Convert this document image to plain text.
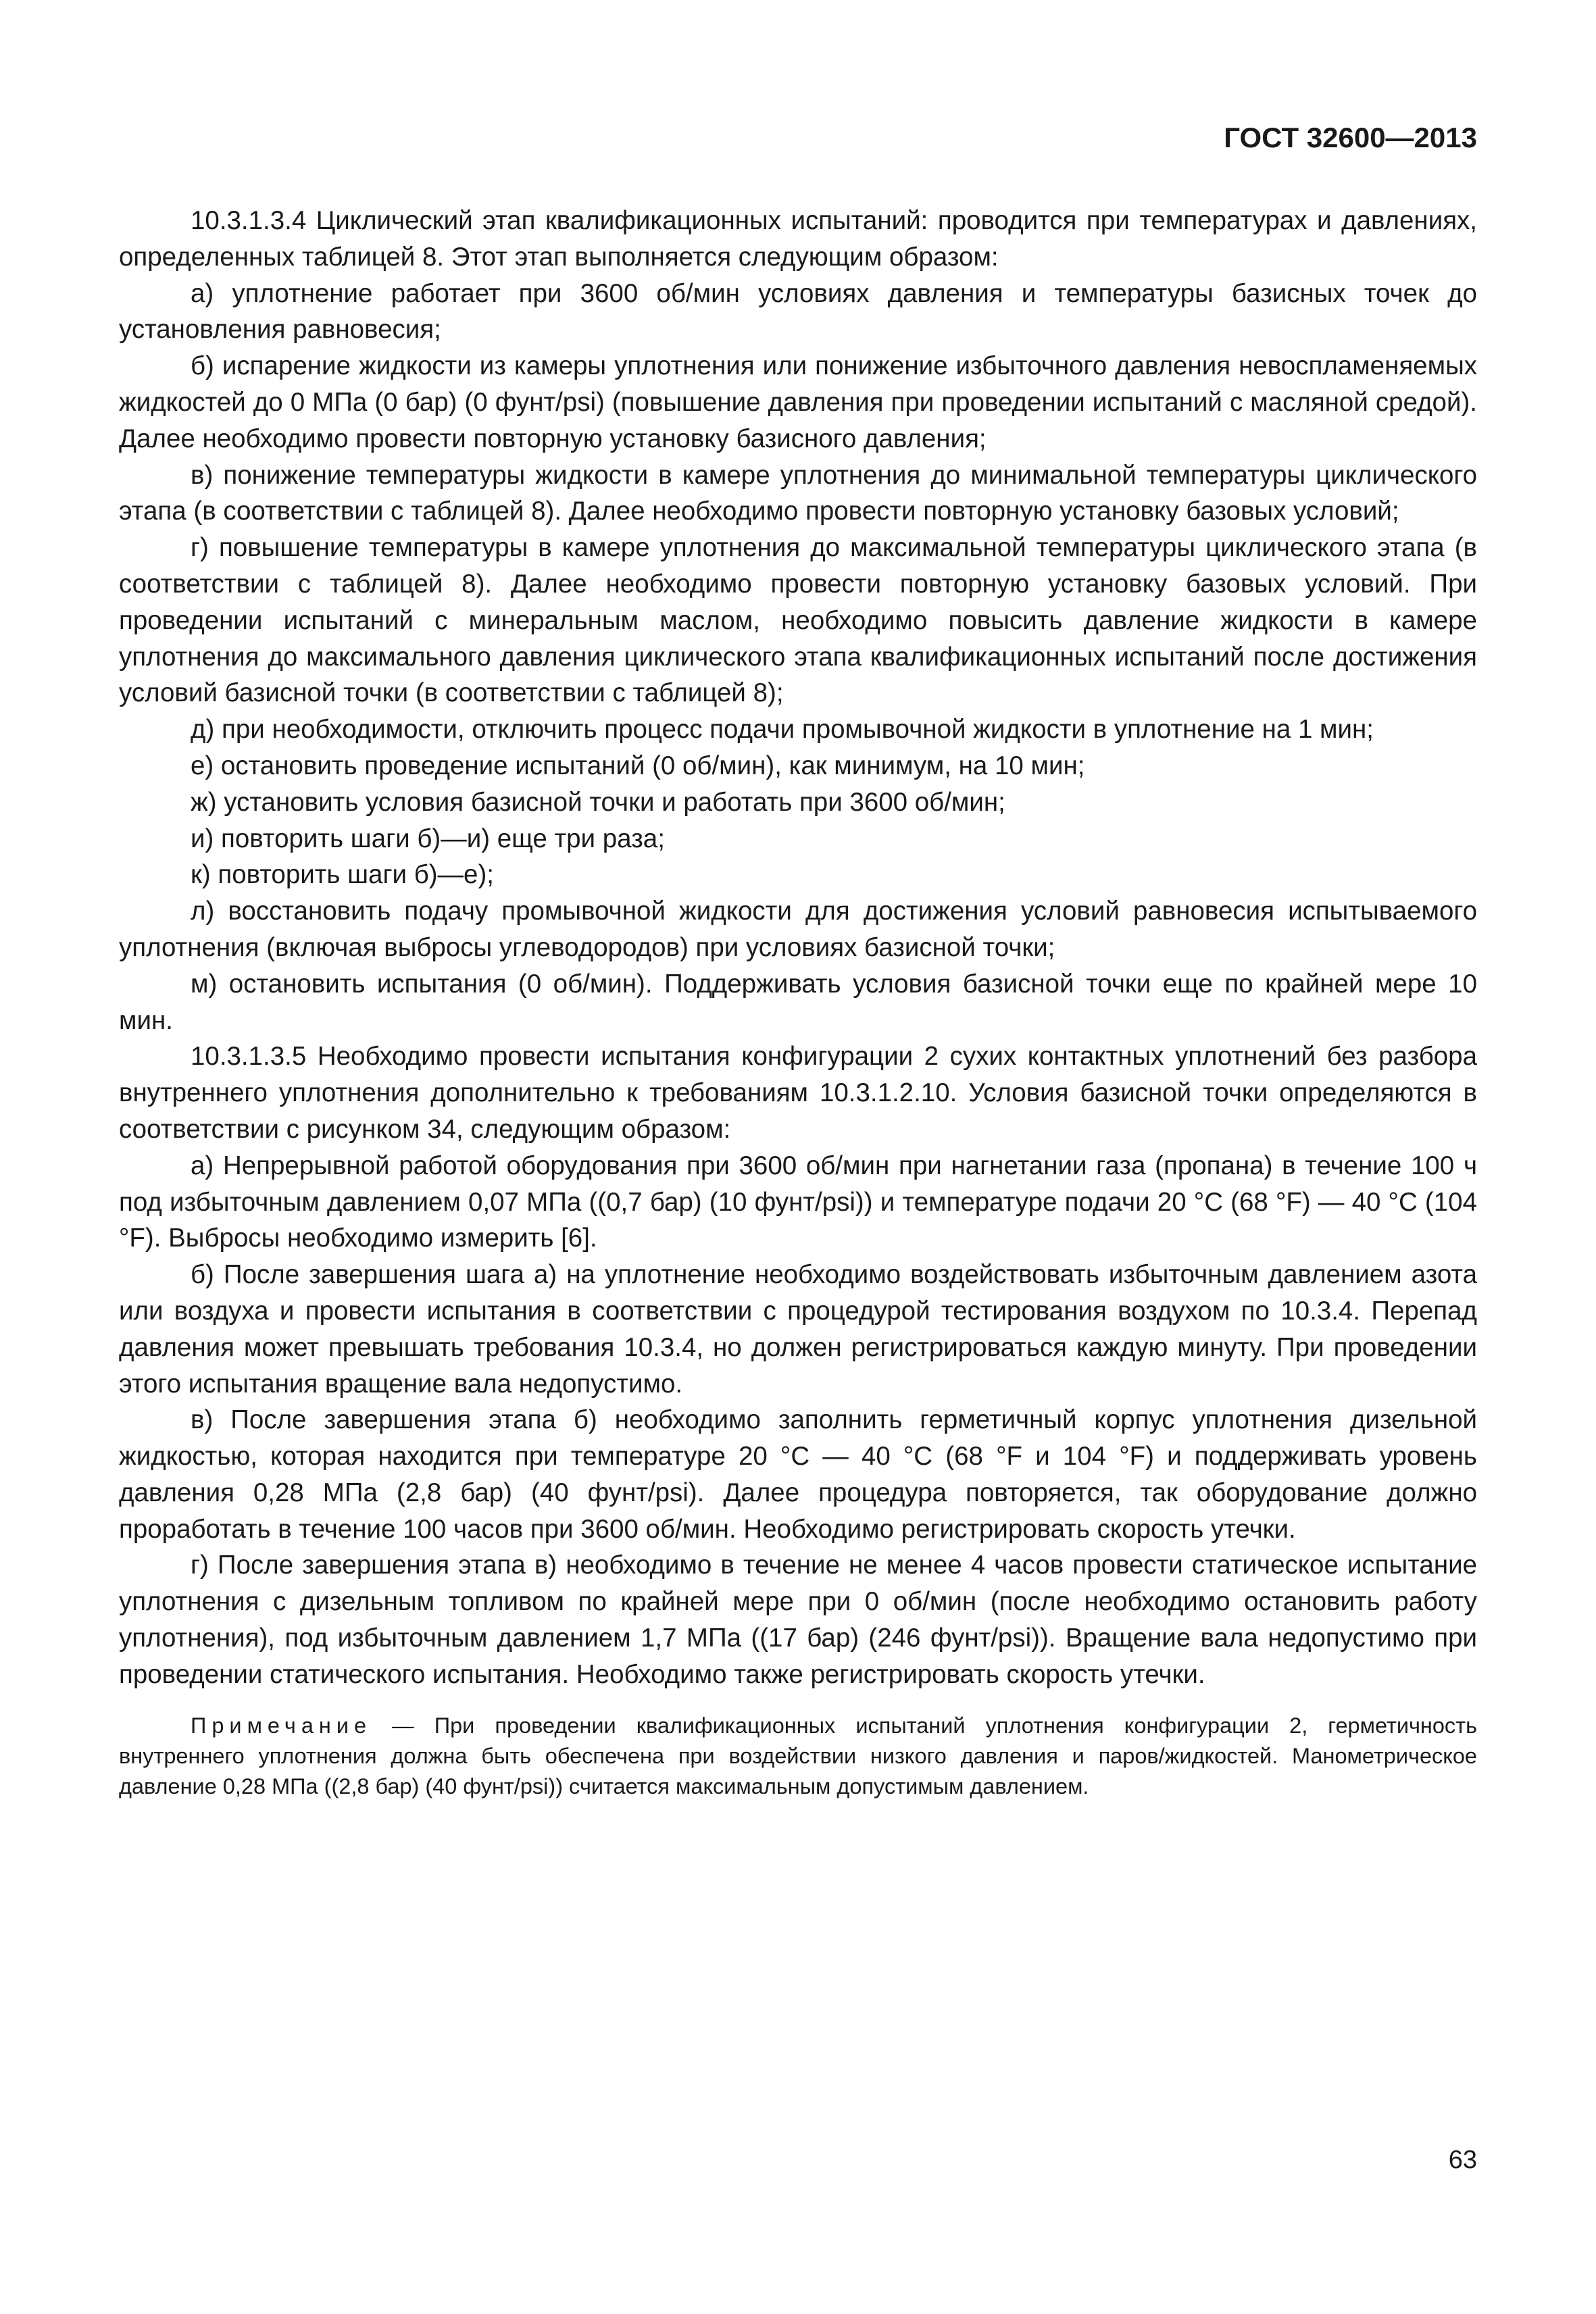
ГОСТ 32600—2013

10.3.1.3.4 Циклический этап квалификационных испытаний: проводится при температурах и давлениях, определенных таблицей 8. Этот этап выполняется следующим образом:

а) уплотнение работает при 3600 об/мин условиях давления и температуры базисных точек до установления равновесия;

б) испарение жидкости из камеры уплотнения или понижение избыточного давления невоспламеняемых жидкостей до 0 МПа (0 бар) (0 фунт/psi) (повышение давления при проведении испытаний с масляной средой). Далее необходимо провести повторную установку базисного давления;

в) понижение температуры жидкости в камере уплотнения до минимальной температуры циклического этапа (в соответствии с таблицей 8). Далее необходимо провести повторную установку базовых условий;

г) повышение температуры в камере уплотнения до максимальной температуры циклического этапа (в соответствии с таблицей 8). Далее необходимо провести повторную установку базовых условий. При проведении испытаний с минеральным маслом, необходимо повысить давление жидкости в камере уплотнения до максимального давления циклического этапа квалификационных испытаний после достижения условий базисной точки (в соответствии с таблицей 8);

д) при необходимости, отключить процесс подачи промывочной жидкости в уплотнение на 1 мин;

е) остановить проведение испытаний (0 об/мин), как минимум, на 10 мин;

ж) установить условия базисной точки и работать при 3600 об/мин;

и) повторить шаги б)—и) еще три раза;

к) повторить шаги б)—е);

л) восстановить подачу промывочной жидкости для достижения условий равновесия испытываемого уплотнения (включая выбросы углеводородов) при условиях базисной точки;

м) остановить испытания (0 об/мин). Поддерживать условия базисной точки еще по крайней мере 10 мин.

10.3.1.3.5 Необходимо провести испытания конфигурации 2 сухих контактных уплотнений без разбора внутреннего уплотнения дополнительно к требованиям 10.3.1.2.10. Условия базисной точки определяются в соответствии с рисунком 34, следующим образом:

а) Непрерывной работой оборудования при 3600 об/мин при нагнетании газа (пропана) в течение 100 ч под избыточным давлением 0,07 МПа ((0,7 бар) (10 фунт/psi)) и температуре подачи 20 °С (68 °F) — 40 °С (104 °F). Выбросы необходимо измерить [6].

б) После завершения шага а) на уплотнение необходимо воздействовать избыточным давлением азота или воздуха и провести испытания в соответствии с процедурой тестирования воздухом по 10.3.4. Перепад давления может превышать требования 10.3.4, но должен регистрироваться каждую минуту. При проведении этого испытания вращение вала недопустимо.

в) После завершения этапа б) необходимо заполнить герметичный корпус уплотнения дизельной жидкостью, которая находится при температуре 20 °С — 40 °С (68 °F и 104 °F) и поддерживать уровень давления 0,28 МПа (2,8 бар) (40 фунт/psi). Далее процедура повторяется, так оборудование должно проработать в течение 100 часов при 3600 об/мин. Необходимо регистрировать скорость утечки.

г) После завершения этапа в) необходимо в течение не менее 4 часов провести статическое испытание уплотнения с дизельным топливом по крайней мере при 0 об/мин (после необходимо остановить работу уплотнения), под избыточным давлением 1,7 МПа ((17 бар) (246 фунт/psi)). Вращение вала недопустимо при проведении статического испытания. Необходимо также регистрировать скорость утечки.

Примечание — При проведении квалификационных испытаний уплотнения конфигурации 2, герметичность внутреннего уплотнения должна быть обеспечена при воздействии низкого давления и паров/жидкостей. Манометрическое давление 0,28 МПа ((2,8 бар) (40 фунт/psi)) считается максимальным допустимым давлением.

63
